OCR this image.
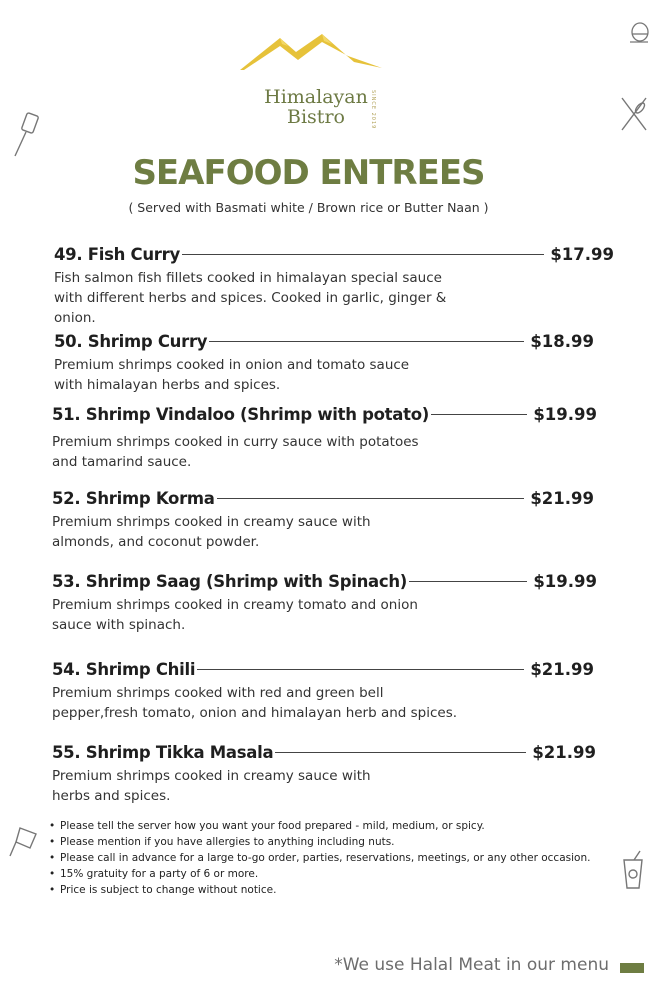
Himalayan
Bistro	SINCE 2019
SEAFOOD ENTREES
( Served with Basmati white / Brown rice or Butter Naan )
49. Fish Curry	$17.99
Fish salmon fish fillets cooked in himalayan special sauce with different herbs and spices. Cooked in garlic, ginger & onion.
50. Shrimp Curry	$18.99
Premium shrimps cooked in onion and tomato sauce with himalayan herbs and spices.
51. Shrimp Vindaloo (Shrimp with potato)	$19.99
Premium shrimps cooked in curry sauce with potatoes and tamarind sauce.
52. Shrimp Korma	$21.99
Premium shrimps cooked in creamy sauce with almonds, and coconut powder.
53. Shrimp Saag (Shrimp with Spinach)	$19.99
Premium shrimps cooked in creamy tomato and onion sauce with spinach.
54. Shrimp Chili	$21.99
Premium shrimps cooked with red and green bell pepper,fresh tomato, onion and himalayan herb and spices.
55. Shrimp Tikka Masala	$21.99
Premium shrimps cooked in creamy sauce with herbs and spices.
• Please tell the server how you want your food prepared - mild, medium, or spicy.
• Please mention if you have allergies to anything including nuts.
• Please call in advance for a large to-go order, parties, reservations, meetings, or any other occasion.
• 15% gratuity for a party of 6 or more.
• Price is subject to change without notice.
*We use Halal Meat in our menu
